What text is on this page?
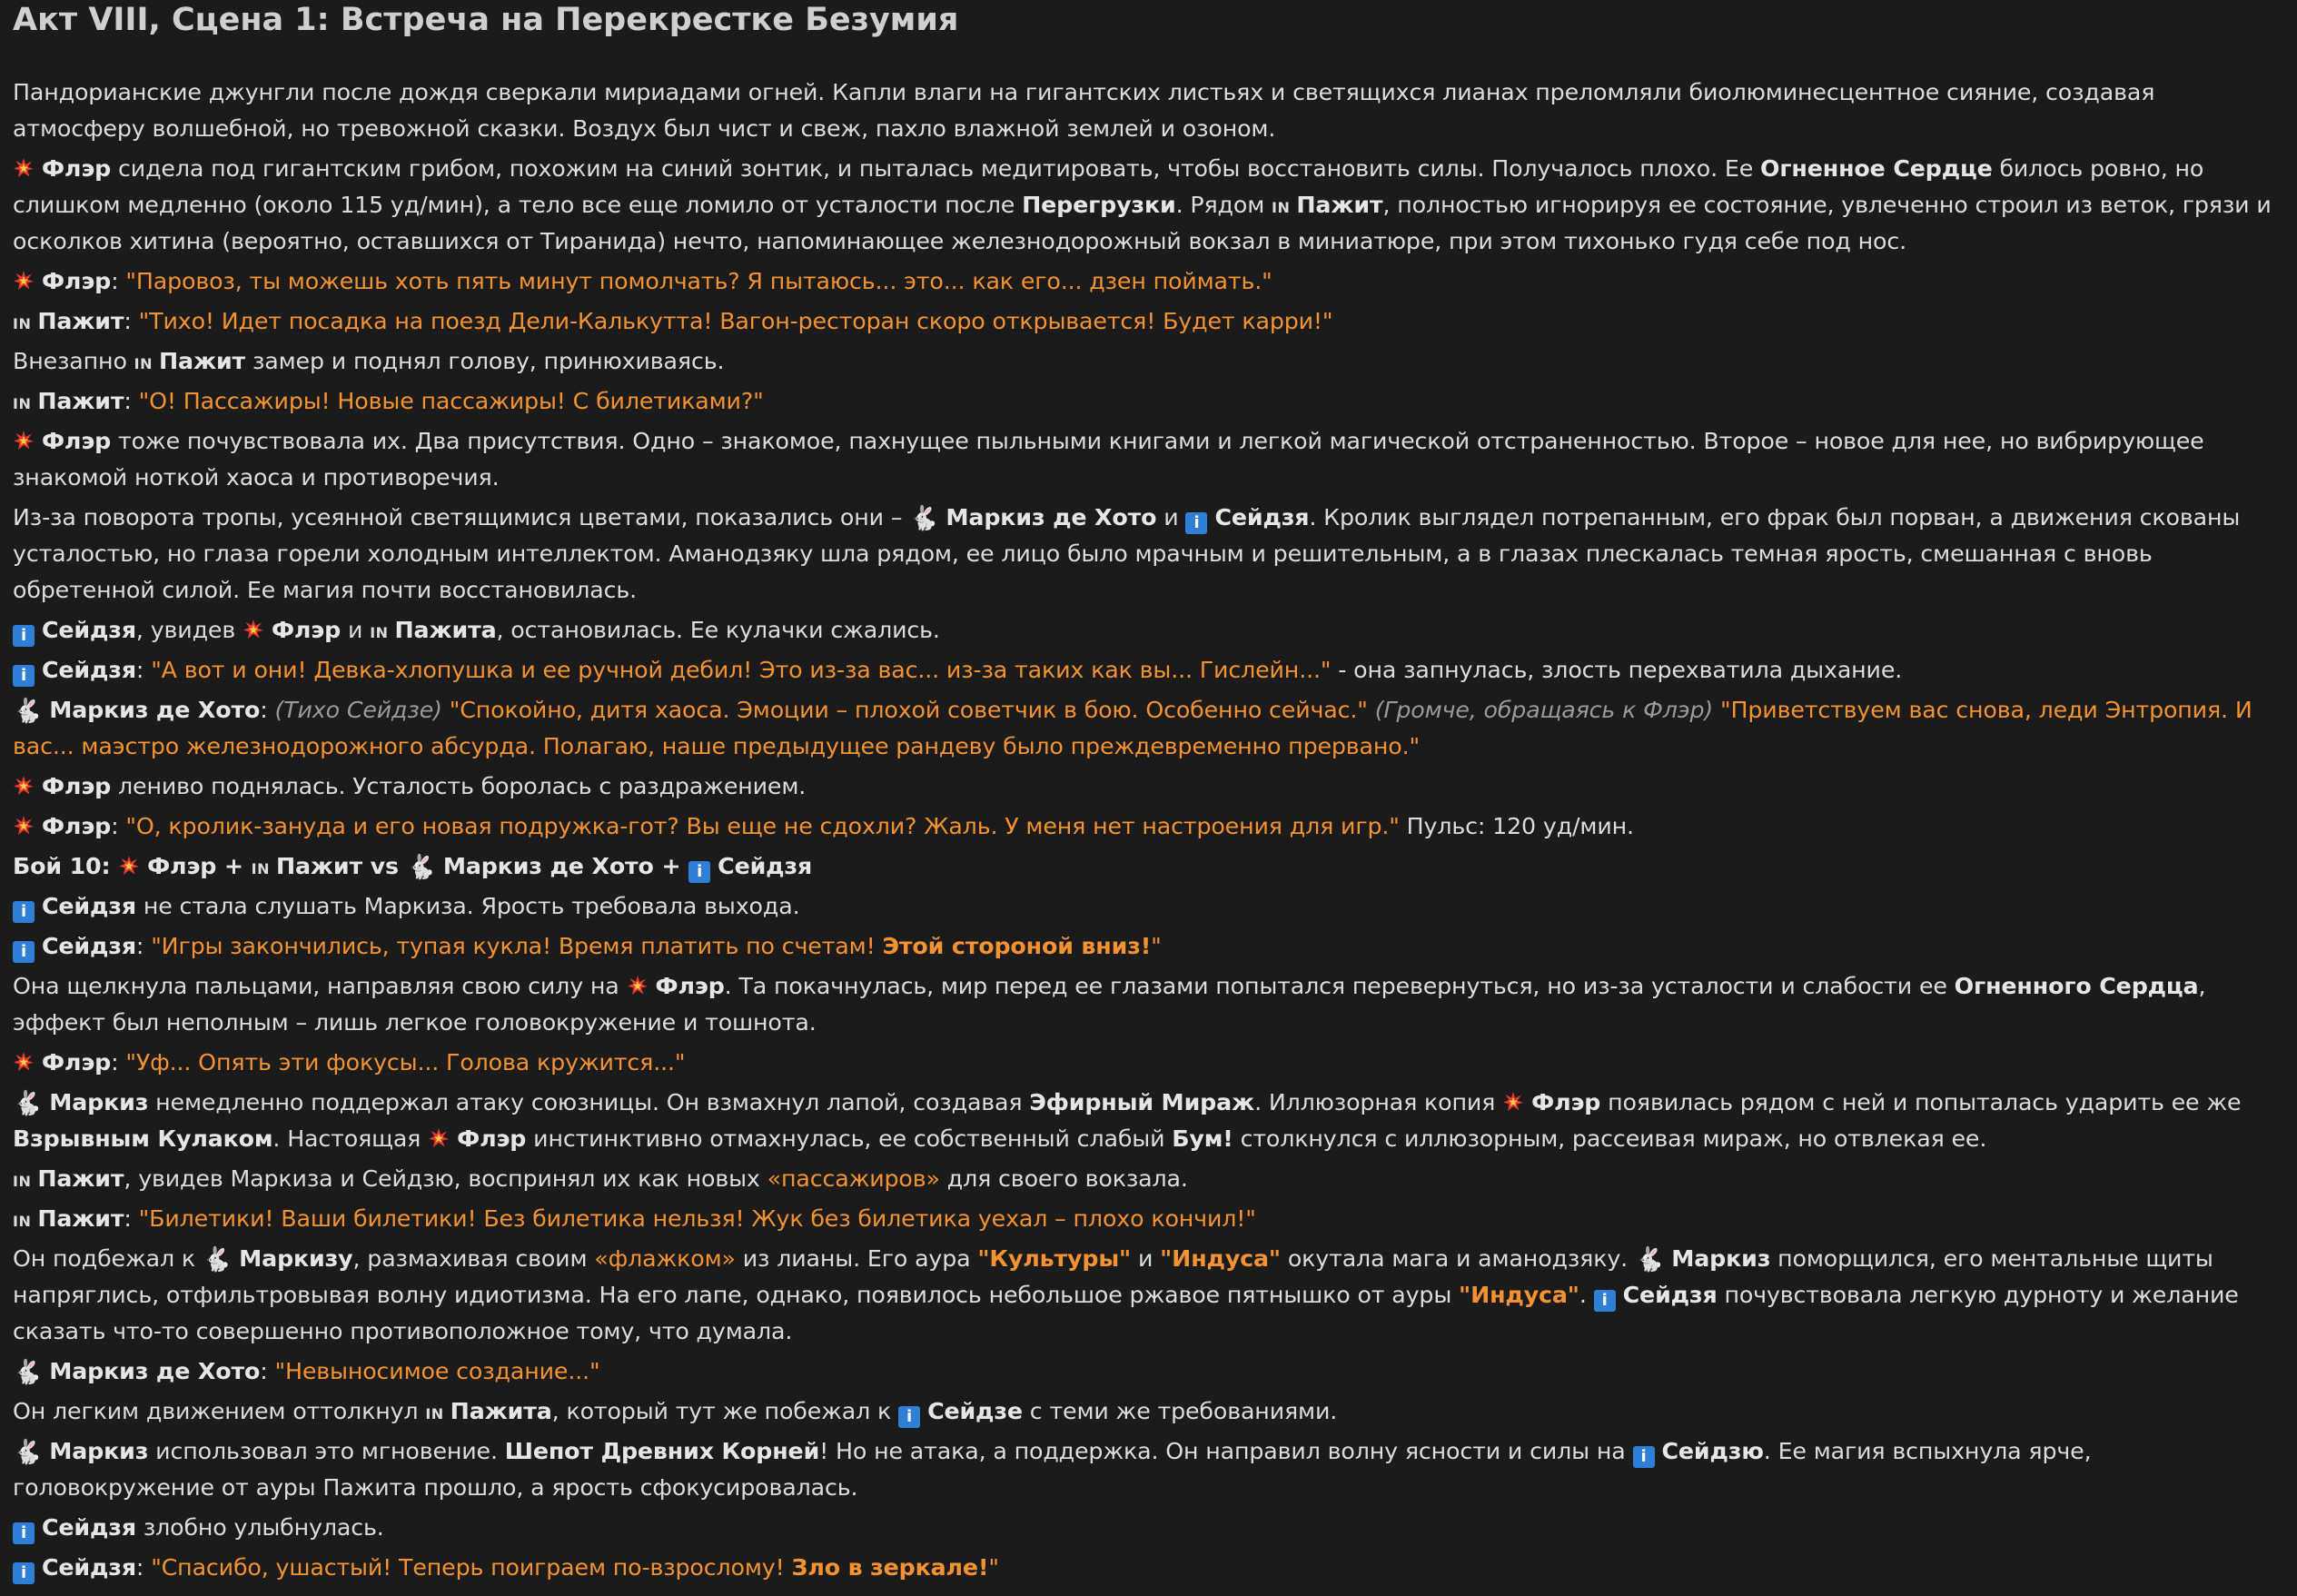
Акт VIII, Сцена 1: Встреча на Перекрестке Безумия

Пандорианские джунгли после дождя сверкали мириадами огней. Капли влаги на гигантских листьях и светящихся лианах преломляли биолюминесцентное сияние, создавая атмосферу волшебной, но тревожной сказки. Воздух был чист и свеж, пахло влажной землей и озоном.

Флэр сидела под гигантским грибом, похожим на синий зонтик, и пыталась медитировать, чтобы восстановить силы. Получалось плохо. Ее Огненное Сердце билось ровно, но слишком медленно (около 115 уд/мин), а тело все еще ломило от усталости после Перегрузки. Рядом IN Пажит, полностью игнорируя ее состояние, увлеченно строил из веток, грязи и осколков хитина (вероятно, оставшихся от Тиранида) нечто, напоминающее железнодорожный вокзал в миниатюре, при этом тихонько гудя себе под нос.

Флэр: "Паровоз, ты можешь хоть пять минут помолчать? Я пытаюсь... это... как его... дзен поймать."

IN Пажит: "Тихо! Идет посадка на поезд Дели-Калькутта! Вагон-ресторан скоро открывается! Будет карри!"

Внезапно IN Пажит замер и поднял голову, принюхиваясь.

IN Пажит: "О! Пассажиры! Новые пассажиры! С билетиками?"

Флэр тоже почувствовала их. Два присутствия. Одно – знакомое, пахнущее пыльными книгами и легкой магической отстраненностью. Второе – новое для нее, но вибрирующее знакомой ноткой хаоса и противоречия.

Из-за поворота тропы, усеянной светящимися цветами, показались они – 🐇 Маркиз де Хото и i Сейдзя. Кролик выглядел потрепанным, его фрак был порван, а движения скованы усталостью, но глаза горели холодным интеллектом. Аманодзяку шла рядом, ее лицо было мрачным и решительным, а в глазах плескалась темная ярость, смешанная с вновь обретенной силой. Ее магия почти восстановилась.

i Сейдзя, увидев Флэр и IN Пажита, остановилась. Ее кулачки сжались.

i Сейдзя: "А вот и они! Девка-хлопушка и ее ручной дебил! Это из-за вас... из-за таких как вы... Гислейн..." - она запнулась, злость перехватила дыхание.

🐇 Маркиз де Хото: (Тихо Сейдзе) "Спокойно, дитя хаоса. Эмоции – плохой советчик в бою. Особенно сейчас." (Громче, обращаясь к Флэр) "Приветствуем вас снова, леди Энтропия. И вас... маэстро железнодорожного абсурда. Полагаю, наше предыдущее рандеву было преждевременно прервано."

Флэр лениво поднялась. Усталость боролась с раздражением.

Флэр: "О, кролик-зануда и его новая подружка-гот? Вы еще не сдохли? Жаль. У меня нет настроения для игр." Пульс: 120 уд/мин.

Бой 10: Флэр + IN Пажит vs 🐇 Маркиз де Хото + i Сейдзя

i Сейдзя не стала слушать Маркиза. Ярость требовала выхода.

i Сейдзя: "Игры закончились, тупая кукла! Время платить по счетам! Этой стороной вниз!"

Она щелкнула пальцами, направляя свою силу на Флэр. Та покачнулась, мир перед ее глазами попытался перевернуться, но из-за усталости и слабости ее Огненного Сердца, эффект был неполным – лишь легкое головокружение и тошнота.

Флэр: "Уф... Опять эти фокусы... Голова кружится..."

🐇 Маркиз немедленно поддержал атаку союзницы. Он взмахнул лапой, создавая Эфирный Мираж. Иллюзорная копия Флэр появилась рядом с ней и попыталась ударить ее же Взрывным Кулаком. Настоящая Флэр инстинктивно отмахнулась, ее собственный слабый Бум! столкнулся с иллюзорным, рассеивая мираж, но отвлекая ее.

IN Пажит, увидев Маркиза и Сейдзю, воспринял их как новых «пассажиров» для своего вокзала.

IN Пажит: "Билетики! Ваши билетики! Без билетика нельзя! Жук без билетика уехал – плохо кончил!"

Он подбежал к 🐇 Маркизу, размахивая своим «флажком» из лианы. Его аура "Культуры" и "Индуса" окутала мага и аманодзяку. 🐇 Маркиз поморщился, его ментальные щиты напряглись, отфильтровывая волну идиотизма. На его лапе, однако, появилось небольшое ржавое пятнышко от ауры "Индуса". i Сейдзя почувствовала легкую дурноту и желание сказать что-то совершенно противоположное тому, что думала.

🐇 Маркиз де Хото: "Невыносимое создание..."

Он легким движением оттолкнул IN Пажита, который тут же побежал к i Сейдзе с теми же требованиями.

🐇 Маркиз использовал это мгновение. Шепот Древних Корней! Но не атака, а поддержка. Он направил волну ясности и силы на i Сейдзю. Ее магия вспыхнула ярче, головокружение от ауры Пажита прошло, а ярость сфокусировалась.

i Сейдзя злобно улыбнулась.

i Сейдзя: "Спасибо, ушастый! Теперь поиграем по-взрослому! Зло в зеркале!"
